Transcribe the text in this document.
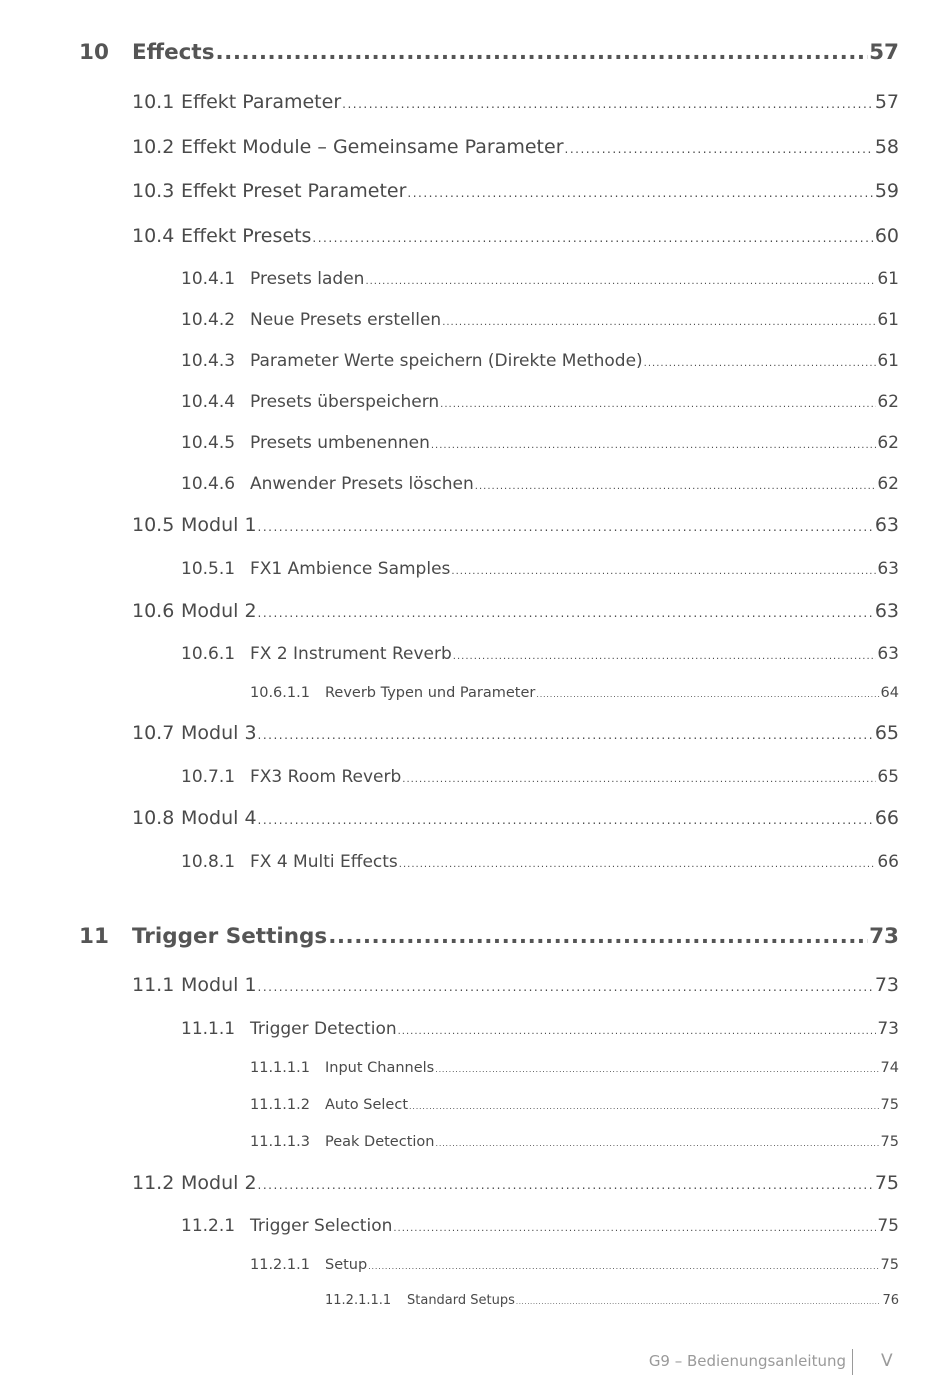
10	Effects .....	57
10.1 Effekt Parameter .....	57
10.2 Effekt Module – Gemeinsame Parameter .....	58
10.3 Effekt Preset Parameter .....	59
10.4 Effekt Presets .....	60
10.4.1 Presets laden .....	61
10.4.2 Neue Presets erstellen .....	61
10.4.3 Parameter Werte speichern (Direkte Methode) .....	61
10.4.4 Presets überspeichern .....	62
10.4.5 Presets umbenennen .....	62
10.4.6 Anwender Presets löschen .....	62
10.5 Modul 1 .....	63
10.5.1 FX1 Ambience Samples .....	63
10.6 Modul 2 .....	63
10.6.1 FX 2 Instrument Reverb .....	63
10.6.1.1	Reverb Typen und Parameter .....	64
10.7 Modul 3 .....	65
10.7.1 FX3 Room Reverb .....	65
10.8 Modul 4 .....	66
10.8.1 FX 4 Multi Effects .....	66
11	Trigger Settings .....	73
11.1 Modul 1 .....	73
11.1.1 Trigger Detection .....	73
11.1.1.1	Input Channels .....	74
11.1.1.2	Auto Select .....	75
11.1.1.3	Peak Detection .....	75
11.2 Modul 2 .....	75
11.2.1 Trigger Selection .....	75
11.2.1.1	Setup .....	75
11.2.1.1.1	Standard Setups .....	76
G9 – Bedienungsanleitung V
